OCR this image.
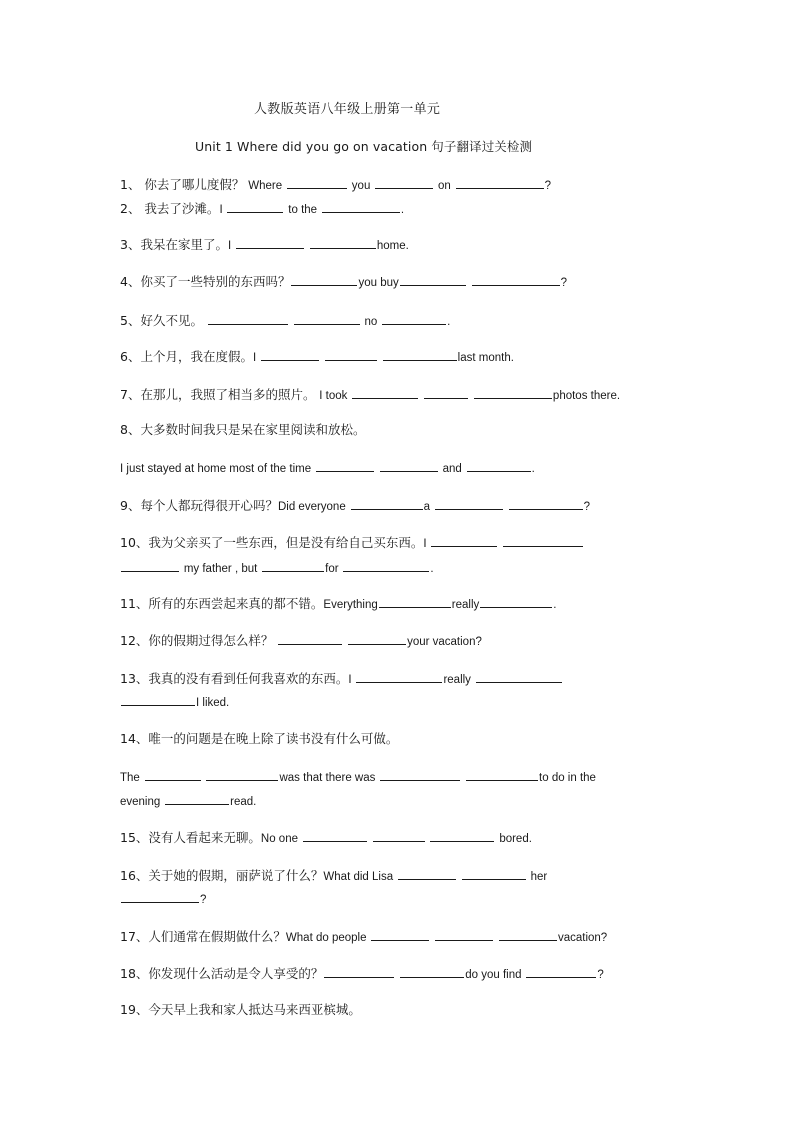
人教版英语八年级上册第一单元
Unit 1 Where did you go on vacation 句子翻译过关检测
1、 你去了哪儿度假？ Where	you	on	?
2、 我去了沙滩。I	to the	.
3、我呆在家里了。I	home.
4、你买了一些特别的东西吗？	you buy	?
5、好久不见。	no	.
6、上个月，我在度假。I	last month.
7、在那儿，我照了相当多的照片。 I took	photos there.
8、大多数时间我只是呆在家里阅读和放松。
I just stayed at home most of the time	and	.
9、每个人都玩得很开心吗？Did everyone	a	?
10、我为父亲买了一些东西，但是没有给自己买东西。I
my father , but	for	.
11、所有的东西尝起来真的都不错。Everything	really	.
12、你的假期过得怎么样？	your vacation?
13、我真的没有看到任何我喜欢的东西。I	really
I liked.
14、唯一的问题是在晚上除了读书没有什么可做。
The	was that there was	to do in the
evening	read.
15、没有人看起来无聊。No one	bored.
16、关于她的假期，丽萨说了什么？What did Lisa	her
?
17、人们通常在假期做什么？What do people	vacation?
18、你发现什么活动是令人享受的？	do you find	?
19、今天早上我和家人抵达马来西亚槟城。
